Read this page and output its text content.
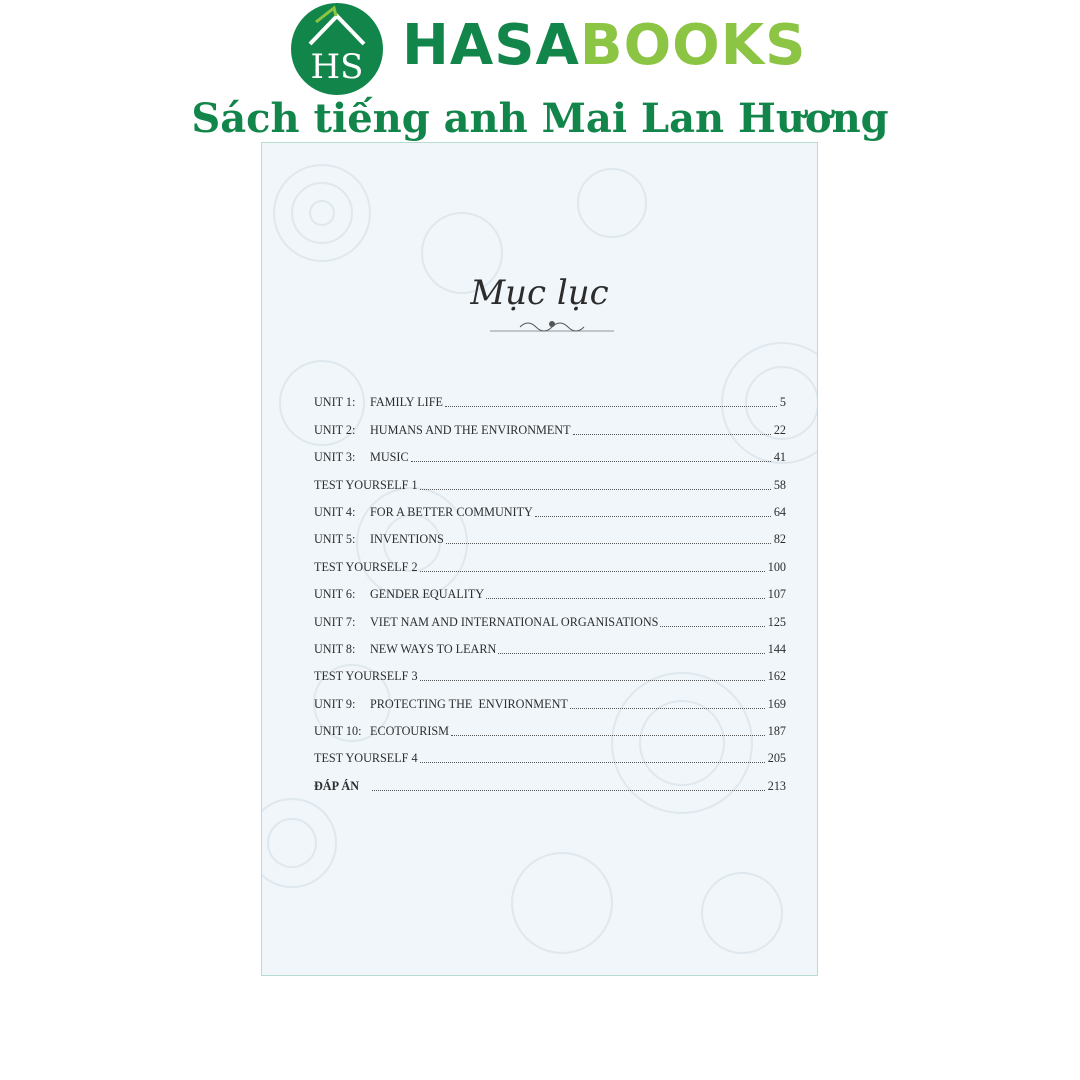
HS HASABOOKS
Sách tiếng anh Mai Lan Hương
Mục lục
UNIT 1:	FAMILY LIFE	5
UNIT 2:	HUMANS AND THE ENVIRONMENT	22
UNIT 3:	MUSIC	41
TEST YOURSELF 1	58
UNIT 4:	FOR A BETTER COMMUNITY	64
UNIT 5:	INVENTIONS	82
TEST YOURSELF 2	100
UNIT 6:	GENDER EQUALITY	107
UNIT 7:	VIET NAM AND INTERNATIONAL ORGANISATIONS	125
UNIT 8:	NEW WAYS TO LEARN	144
TEST YOURSELF 3	162
UNIT 9:	PROTECTING THE  ENVIRONMENT	169
UNIT 10: ECOTOURISM	187
TEST YOURSELF 4	205
ĐÁP ÁN	213
